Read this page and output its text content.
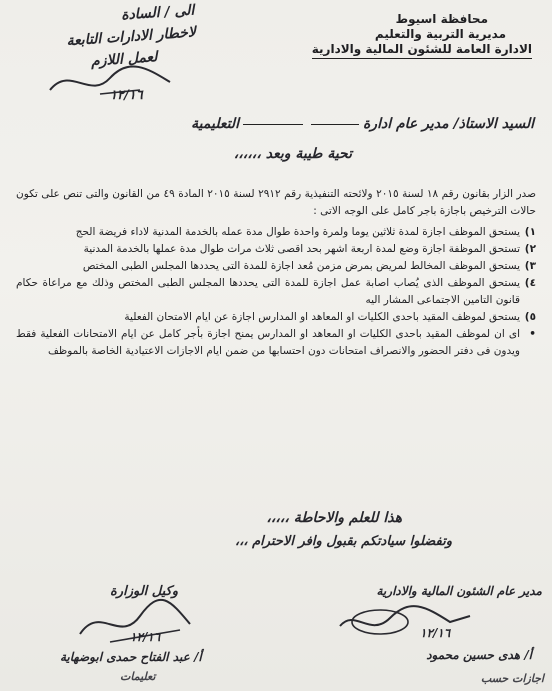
محافظة اسيوط
مديرية التربية والتعليم
الادارة العامة للشئون المالية والادارية
الى / السادة
لاخطار الادارات التابعة
لعمل اللازم
١٢/١٦
السيد الاستاذ/ مدير عام ادارةالتعليمية
تحية طيبة وبعد ،،،،،،

صدر الزار بقانون رقم ١٨ لسنة ٢٠١٥ ولائحته التنفيذية رقم ٢٩١٢ لسنة ٢٠١٥ المادة ٤٩ من القانون والتى تنص على تكون حالات الترخيص باجازة باجر كامل على الوجه الاتى :

١)
يستحق الموظف اجازة لمدة ثلاثين يوما ولمرة واحدة طوال مدة عمله بالخدمة المدنية لاداء فريضة الحج

٢)
تستحق الموظفة اجازة وضع لمدة اربعة اشهر بحد اقصى ثلاث مرات طوال مدة عملها بالخدمة المدنية

٣)
يستحق الموظف المخالط لمريض بمرض مزمن مُعد اجازة للمدة التى يحددها المجلس الطبى المختص

٤)
يستحق الموظف الذى يُصاب اصابة عمل اجازة للمدة التى يحددها المجلس الطبى المختص وذلك مع مراعاة حكام قانون التامين الاجتماعى المشار اليه

٥)
يستحق لموظف المقيد باحدى الكليات او المعاهد او المدارس اجازة عن ايام الامتحان الفعلية

•
اى ان لموظف المقيد باحدى الكليات او المعاهد او المدارس يمنح اجازة بأجر كامل عن ايام الامتحانات الفعلية فقط ويدون فى دفتر الحضور والانصراف امتحانات دون احتسابها من ضمن ايام الاجازات الاعتيادية الخاصة بالموظف

هذا للعلم والاحاطة ،،،،،
وتفضلوا سيادتكم بقبول وافر الاحترام ،،،
مدير عام الشئون المالية والادارية
وكيل الوزارة
١٢/١٦
١٢/١٦
أ/ هدى حسين محمود
أ/ عبد الفتاح حمدى ابوضهاية
اجازات حسب
تعليمات
